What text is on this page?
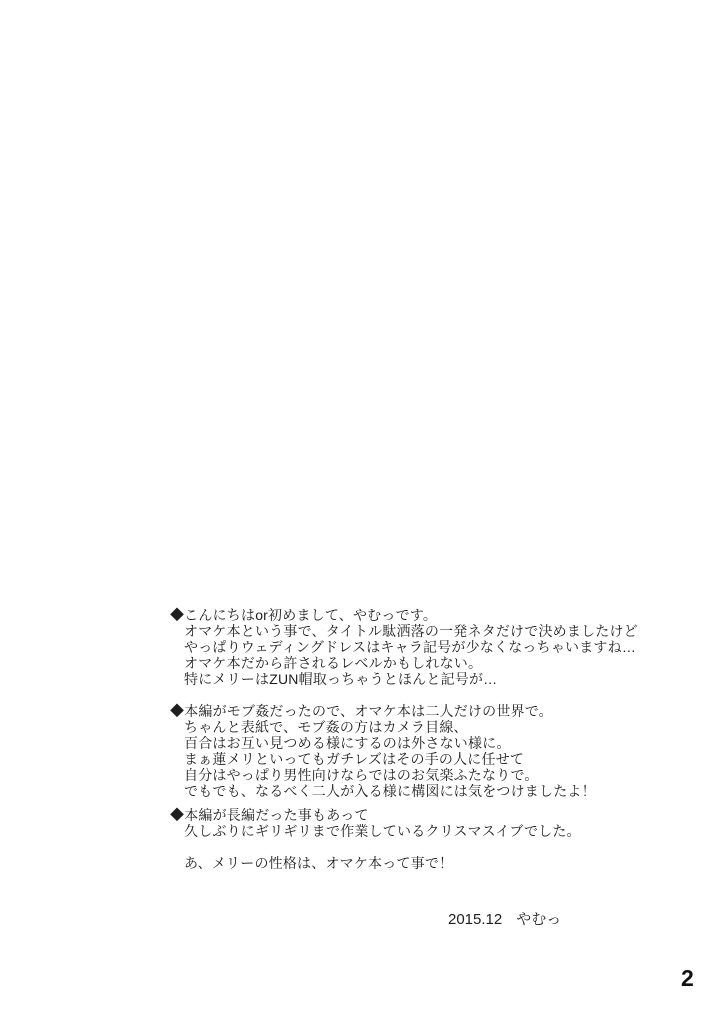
◆こんにちはor初めまして、やむっです。
オマケ本という事で、タイトル駄洒落の一発ネタだけで決めましたけど
やっぱりウェディングドレスはキャラ記号が少なくなっちゃいますね…
オマケ本だから許されるレベルかもしれない。
特にメリーはZUN帽取っちゃうとほんと記号が…
◆本編がモブ姦だったので、オマケ本は二人だけの世界で。
ちゃんと表紙で、モブ姦の方はカメラ目線、
百合はお互い見つめる様にするのは外さない様に。
まぁ蓮メリといってもガチレズはその手の人に任せて
自分はやっぱり男性向けならではのお気楽ふたなりで。
でもでも、なるべく二人が入る様に構図には気をつけましたよ！
◆本編が長編だった事もあって
久しぶりにギリギリまで作業しているクリスマスイブでした。
あ、メリーの性格は、オマケ本って事で！
2015.12 やむっ
2
